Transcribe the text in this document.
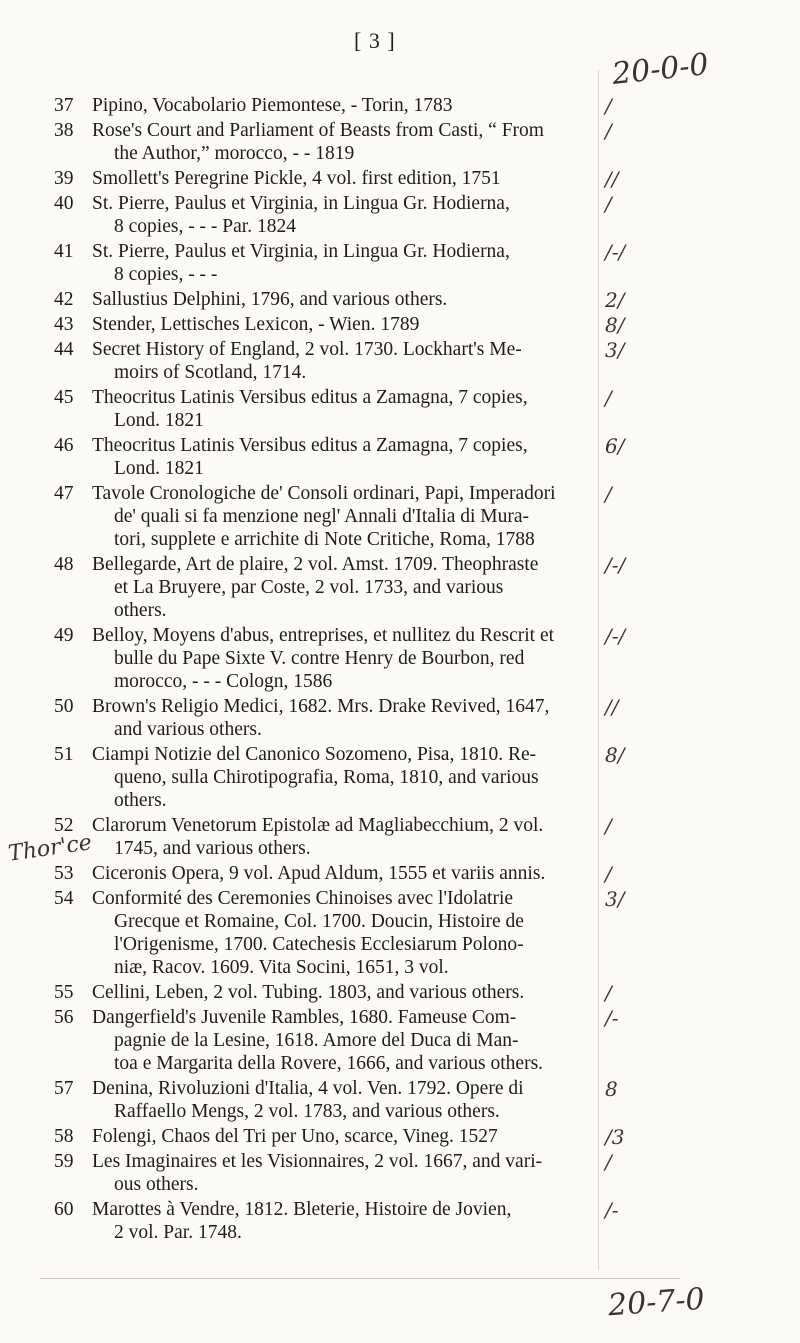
[ 3 ]
20-0-0
Thor'ce
37 Pipino, Vocabolario Piemontese, - Torin, 1783
38 Rose's Court and Parliament of Beasts from Casti, “ From
the Author,” morocco, - - 1819
39 Smollett's Peregrine Pickle, 4 vol. first edition, 1751
40 St. Pierre, Paulus et Virginia, in Lingua Gr. Hodierna,
8 copies, - - - Par. 1824
41 St. Pierre, Paulus et Virginia, in Lingua Gr. Hodierna,
8 copies, - - -
42 Sallustius Delphini, 1796, and various others.
43 Stender, Lettisches Lexicon, - Wien. 1789
44 Secret History of England, 2 vol. 1730. Lockhart's Me-
moirs of Scotland, 1714.
45 Theocritus Latinis Versibus editus a Zamagna, 7 copies,
Lond. 1821
46 Theocritus Latinis Versibus editus a Zamagna, 7 copies,
Lond. 1821
47 Tavole Cronologiche de' Consoli ordinari, Papi, Imperadori
de' quali si fa menzione negl' Annali d'Italia di Mura-
tori, supplete e arrichite di Note Critiche, Roma, 1788
48 Bellegarde, Art de plaire, 2 vol. Amst. 1709. Theophraste
et La Bruyere, par Coste, 2 vol. 1733, and various
others.
49 Belloy, Moyens d'abus, entreprises, et nullitez du Rescrit et
bulle du Pape Sixte V. contre Henry de Bourbon, red
morocco, - - - Cologn, 1586
50 Brown's Religio Medici, 1682. Mrs. Drake Revived, 1647,
and various others.
51 Ciampi Notizie del Canonico Sozomeno, Pisa, 1810. Re-
queno, sulla Chirotipografia, Roma, 1810, and various
others.
52 Clarorum Venetorum Epistolæ ad Magliabecchium, 2 vol.
1745, and various others.
53 Ciceronis Opera, 9 vol. Apud Aldum, 1555 et variis annis.
54 Conformité des Ceremonies Chinoises avec l'Idolatrie
Grecque et Romaine, Col. 1700. Doucin, Histoire de
l'Origenisme, 1700. Catechesis Ecclesiarum Polono-
niæ, Racov. 1609. Vita Socini, 1651, 3 vol.
55 Cellini, Leben, 2 vol. Tubing. 1803, and various others.
56 Dangerfield's Juvenile Rambles, 1680. Fameuse Com-
pagnie de la Lesine, 1618. Amore del Duca di Man-
toa e Margarita della Rovere, 1666, and various others.
57 Denina, Rivoluzioni d'Italia, 4 vol. Ven. 1792. Opere di
Raffaello Mengs, 2 vol. 1783, and various others.
58 Folengi, Chaos del Tri per Uno, scarce, Vineg. 1527
59 Les Imaginaires et les Visionnaires, 2 vol. 1667, and vari-
ous others.
60 Marottes à Vendre, 1812. Bleterie, Histoire de Jovien,
2 vol. Par. 1748.
/
/
//
/
/-/
2/
8/
3/
/
6/
/
/-/
/-/
//
8/
/
/
3/
/
/-
8
/3
/
/-
20-7-0
